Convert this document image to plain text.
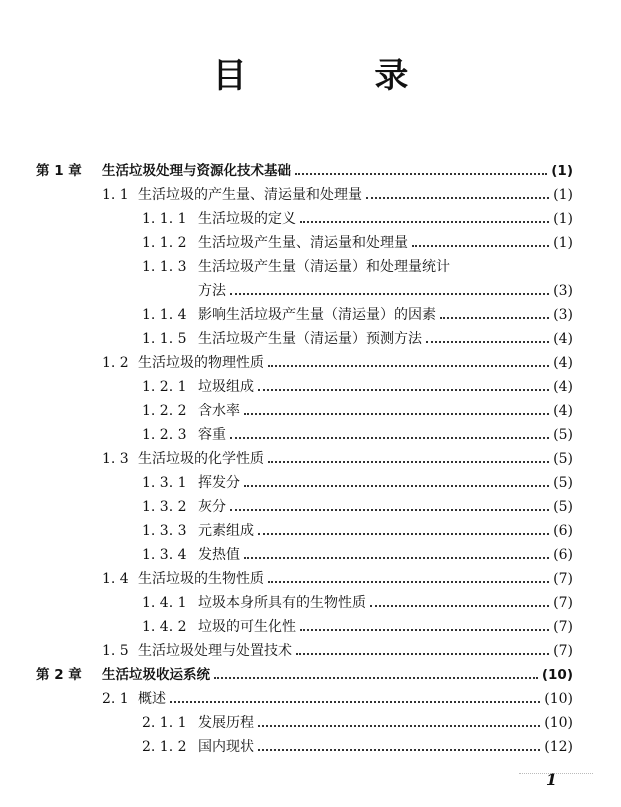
目 录
第 1 章	生活垃圾处理与资源化技术基础	(1)
1. 1 生活垃圾的产生量、清运量和处理量	(1)
1. 1. 1 生活垃圾的定义	(1)
1. 1. 2 生活垃圾产生量、清运量和处理量	(1)
1. 1. 3 生活垃圾产生量（清运量）和处理量统计
方法	(3)
1. 1. 4 影响生活垃圾产生量（清运量）的因素	(3)
1. 1. 5 生活垃圾产生量（清运量）预测方法	(4)
1. 2 生活垃圾的物理性质	(4)
1. 2. 1 垃圾组成	(4)
1. 2. 2 含水率	(4)
1. 2. 3 容重	(5)
1. 3 生活垃圾的化学性质	(5)
1. 3. 1 挥发分	(5)
1. 3. 2 灰分	(5)
1. 3. 3 元素组成	(6)
1. 3. 4 发热值	(6)
1. 4 生活垃圾的生物性质	(7)
1. 4. 1 垃圾本身所具有的生物性质	(7)
1. 4. 2 垃圾的可生化性	(7)
1. 5 生活垃圾处理与处置技术	(7)
第 2 章	生活垃圾收运系统	(10)
2. 1 概述	(10)
2. 1. 1 发展历程	(10)
2. 1. 2 国内现状	(12)
1
